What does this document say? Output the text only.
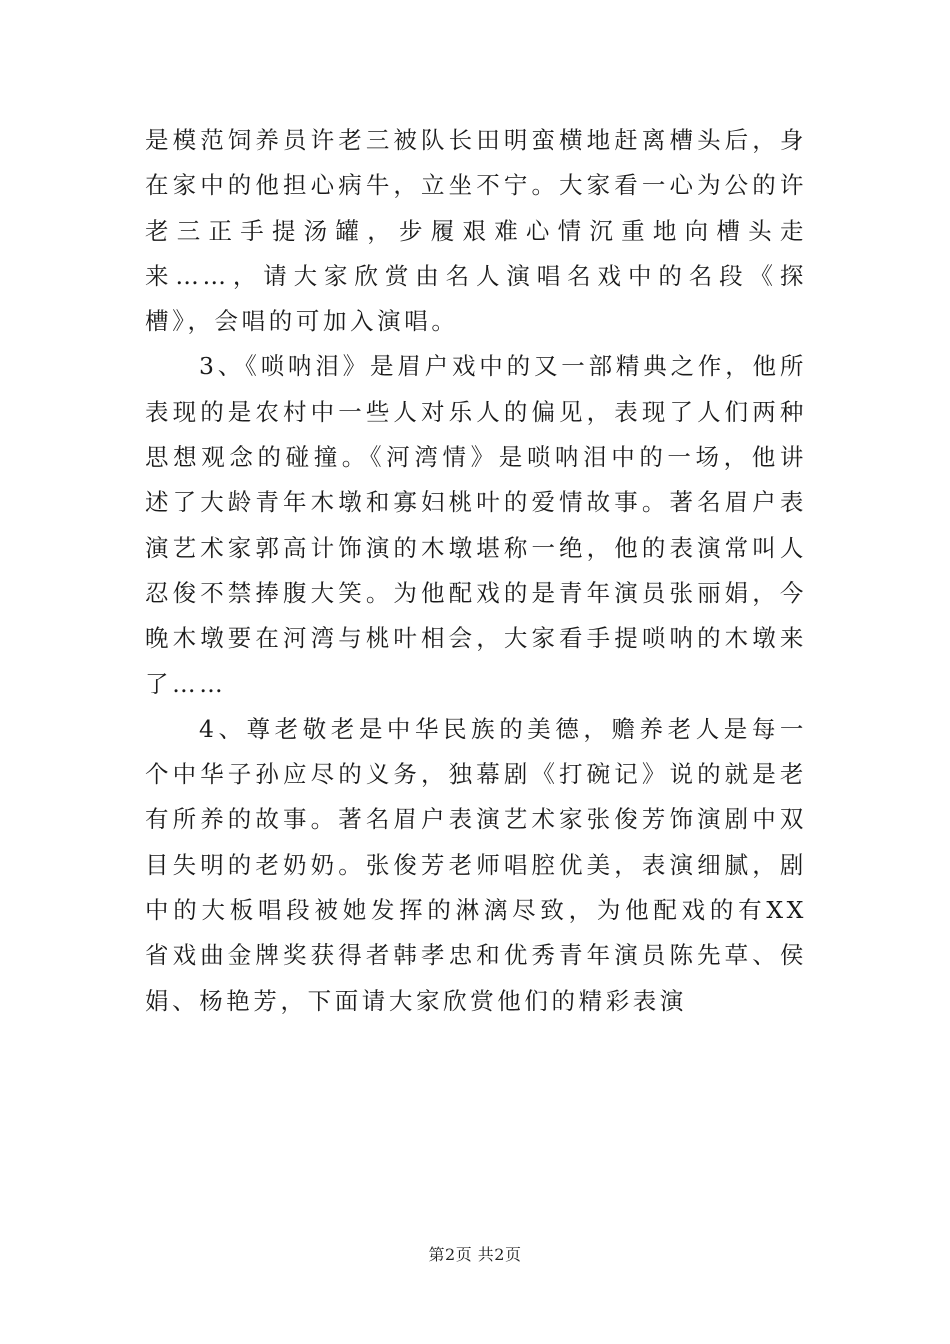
是模范饲养员许老三被队长田明蛮横地赶离槽头后，身在家中的他担心病牛，立坐不宁。大家看一心为公的许老三正手提汤罐，步履艰难心情沉重地向槽头走来……，请大家欣赏由名人演唱名戏中的名段《探槽》，会唱的可加入演唱。

3、《唢呐泪》是眉户戏中的又一部精典之作，他所表现的是农村中一些人对乐人的偏见，表现了人们两种思想观念的碰撞。《河湾情》是唢呐泪中的一场，他讲述了大龄青年木墩和寡妇桃叶的爱情故事。著名眉户表演艺术家郭高计饰演的木墩堪称一绝，他的表演常叫人忍俊不禁捧腹大笑。为他配戏的是青年演员张丽娟，今晚木墩要在河湾与桃叶相会，大家看手提唢呐的木墩来了……

4、尊老敬老是中华民族的美德，赡养老人是每一个中华子孙应尽的义务，独幕剧《打碗记》说的就是老有所养的故事。著名眉户表演艺术家张俊芳饰演剧中双目失明的老奶奶。张俊芳老师唱腔优美，表演细腻，剧中的大板唱段被她发挥的淋漓尽致，为他配戏的有XX省戏曲金牌奖获得者韩孝忠和优秀青年演员陈先草、侯娟、杨艳芳，下面请大家欣赏他们的精彩表演

第2页 共2页
